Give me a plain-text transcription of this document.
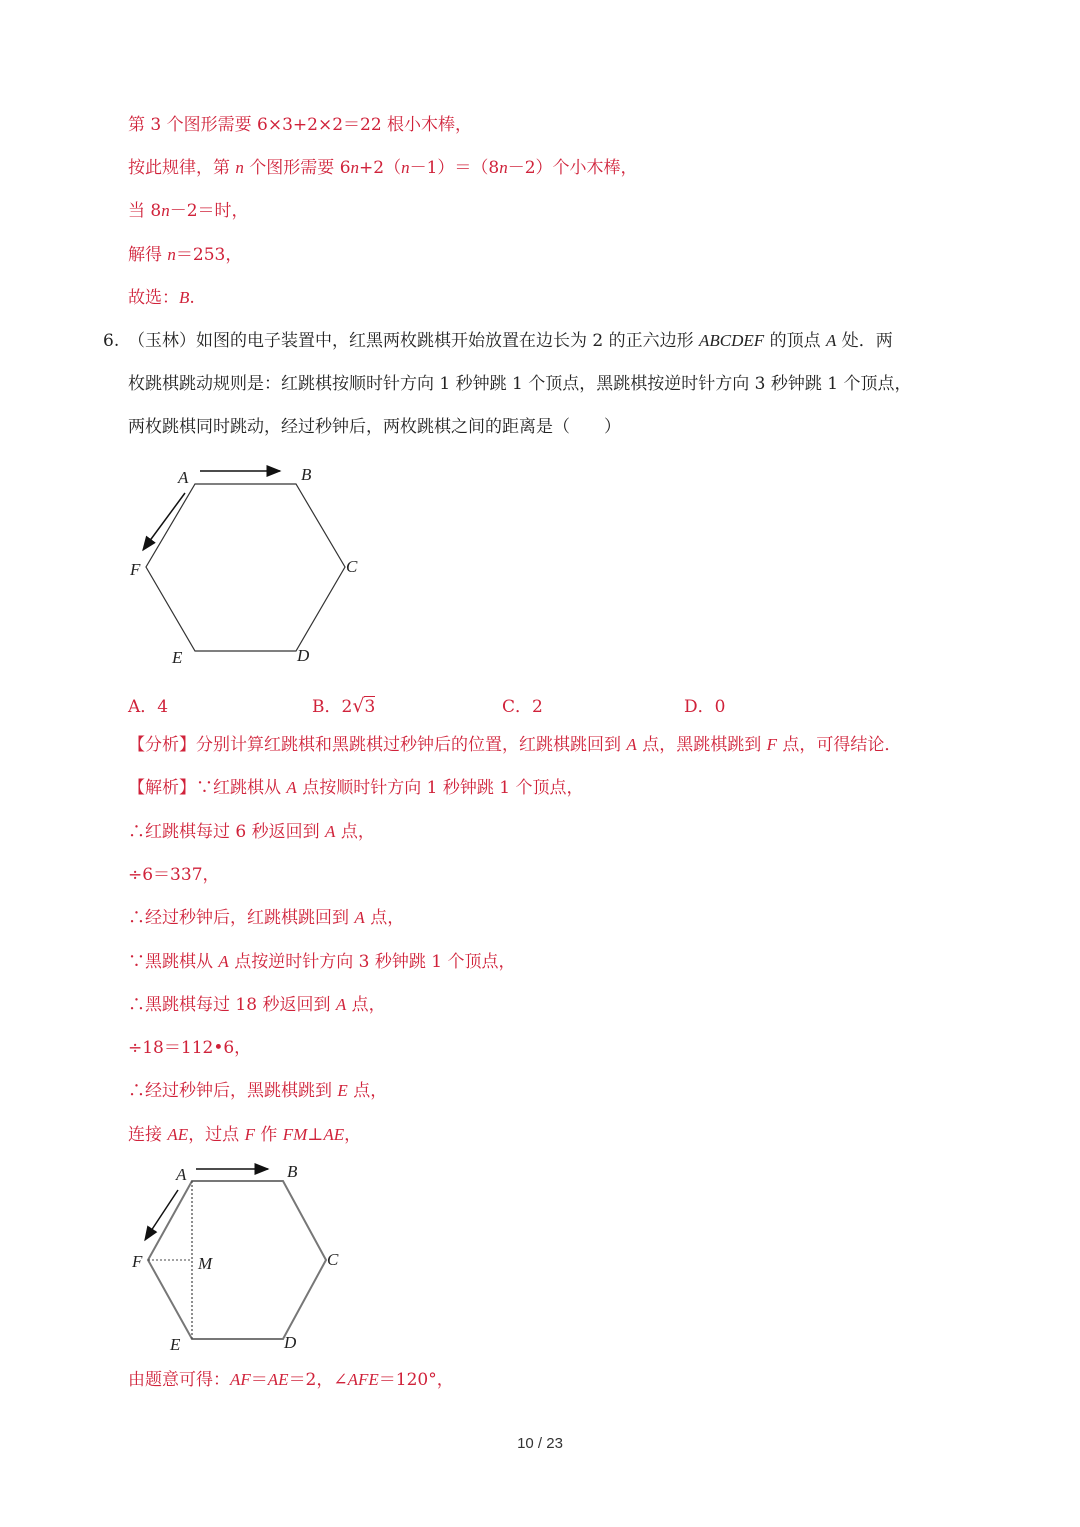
第 3 个图形需要 6×3+2×2＝22 根小木棒，
按此规律，第 n 个图形需要 6n+2（n－1）＝（8n－2）个小木棒，
当 8n－2＝时，
解得 n＝253，
故选：B.
（玉林）如图的电子装置中，红黑两枚跳棋开始放置在边长为 2 的正六边形 ABCDEF 的顶点 A 处．两
枚跳棋跳动规则是：红跳棋按顺时针方向 1 秒钟跳 1 个顶点，黑跳棋按逆时针方向 3 秒钟跳 1 个顶点，
两枚跳棋同时跳动，经过秒钟后，两枚跳棋之间的距离是（　　）
【分析】分别计算红跳棋和黑跳棋过秒钟后的位置，红跳棋跳回到 A 点，黑跳棋跳到 F 点，可得结论．
【解析】∵红跳棋从 A 点按顺时针方向 1 秒钟跳 1 个顶点，
∴红跳棋每过 6 秒返回到 A 点，
÷6＝337，
∴经过秒钟后，红跳棋跳回到 A 点，
∵黑跳棋从 A 点按逆时针方向 3 秒钟跳 1 个顶点，
∴黑跳棋每过 18 秒返回到 A 点，
÷18＝112•6，
∴经过秒钟后，黑跳棋跳到 E 点，
连接 AE，过点 F 作 FM⊥AE，
由题意可得：AF＝AE＝2，∠AFE＝120°，
6.
A．4	B．2√3	C．2	D．0
A	B
C
D
E
F
A	B
C
D
E
F	M
10 / 23
